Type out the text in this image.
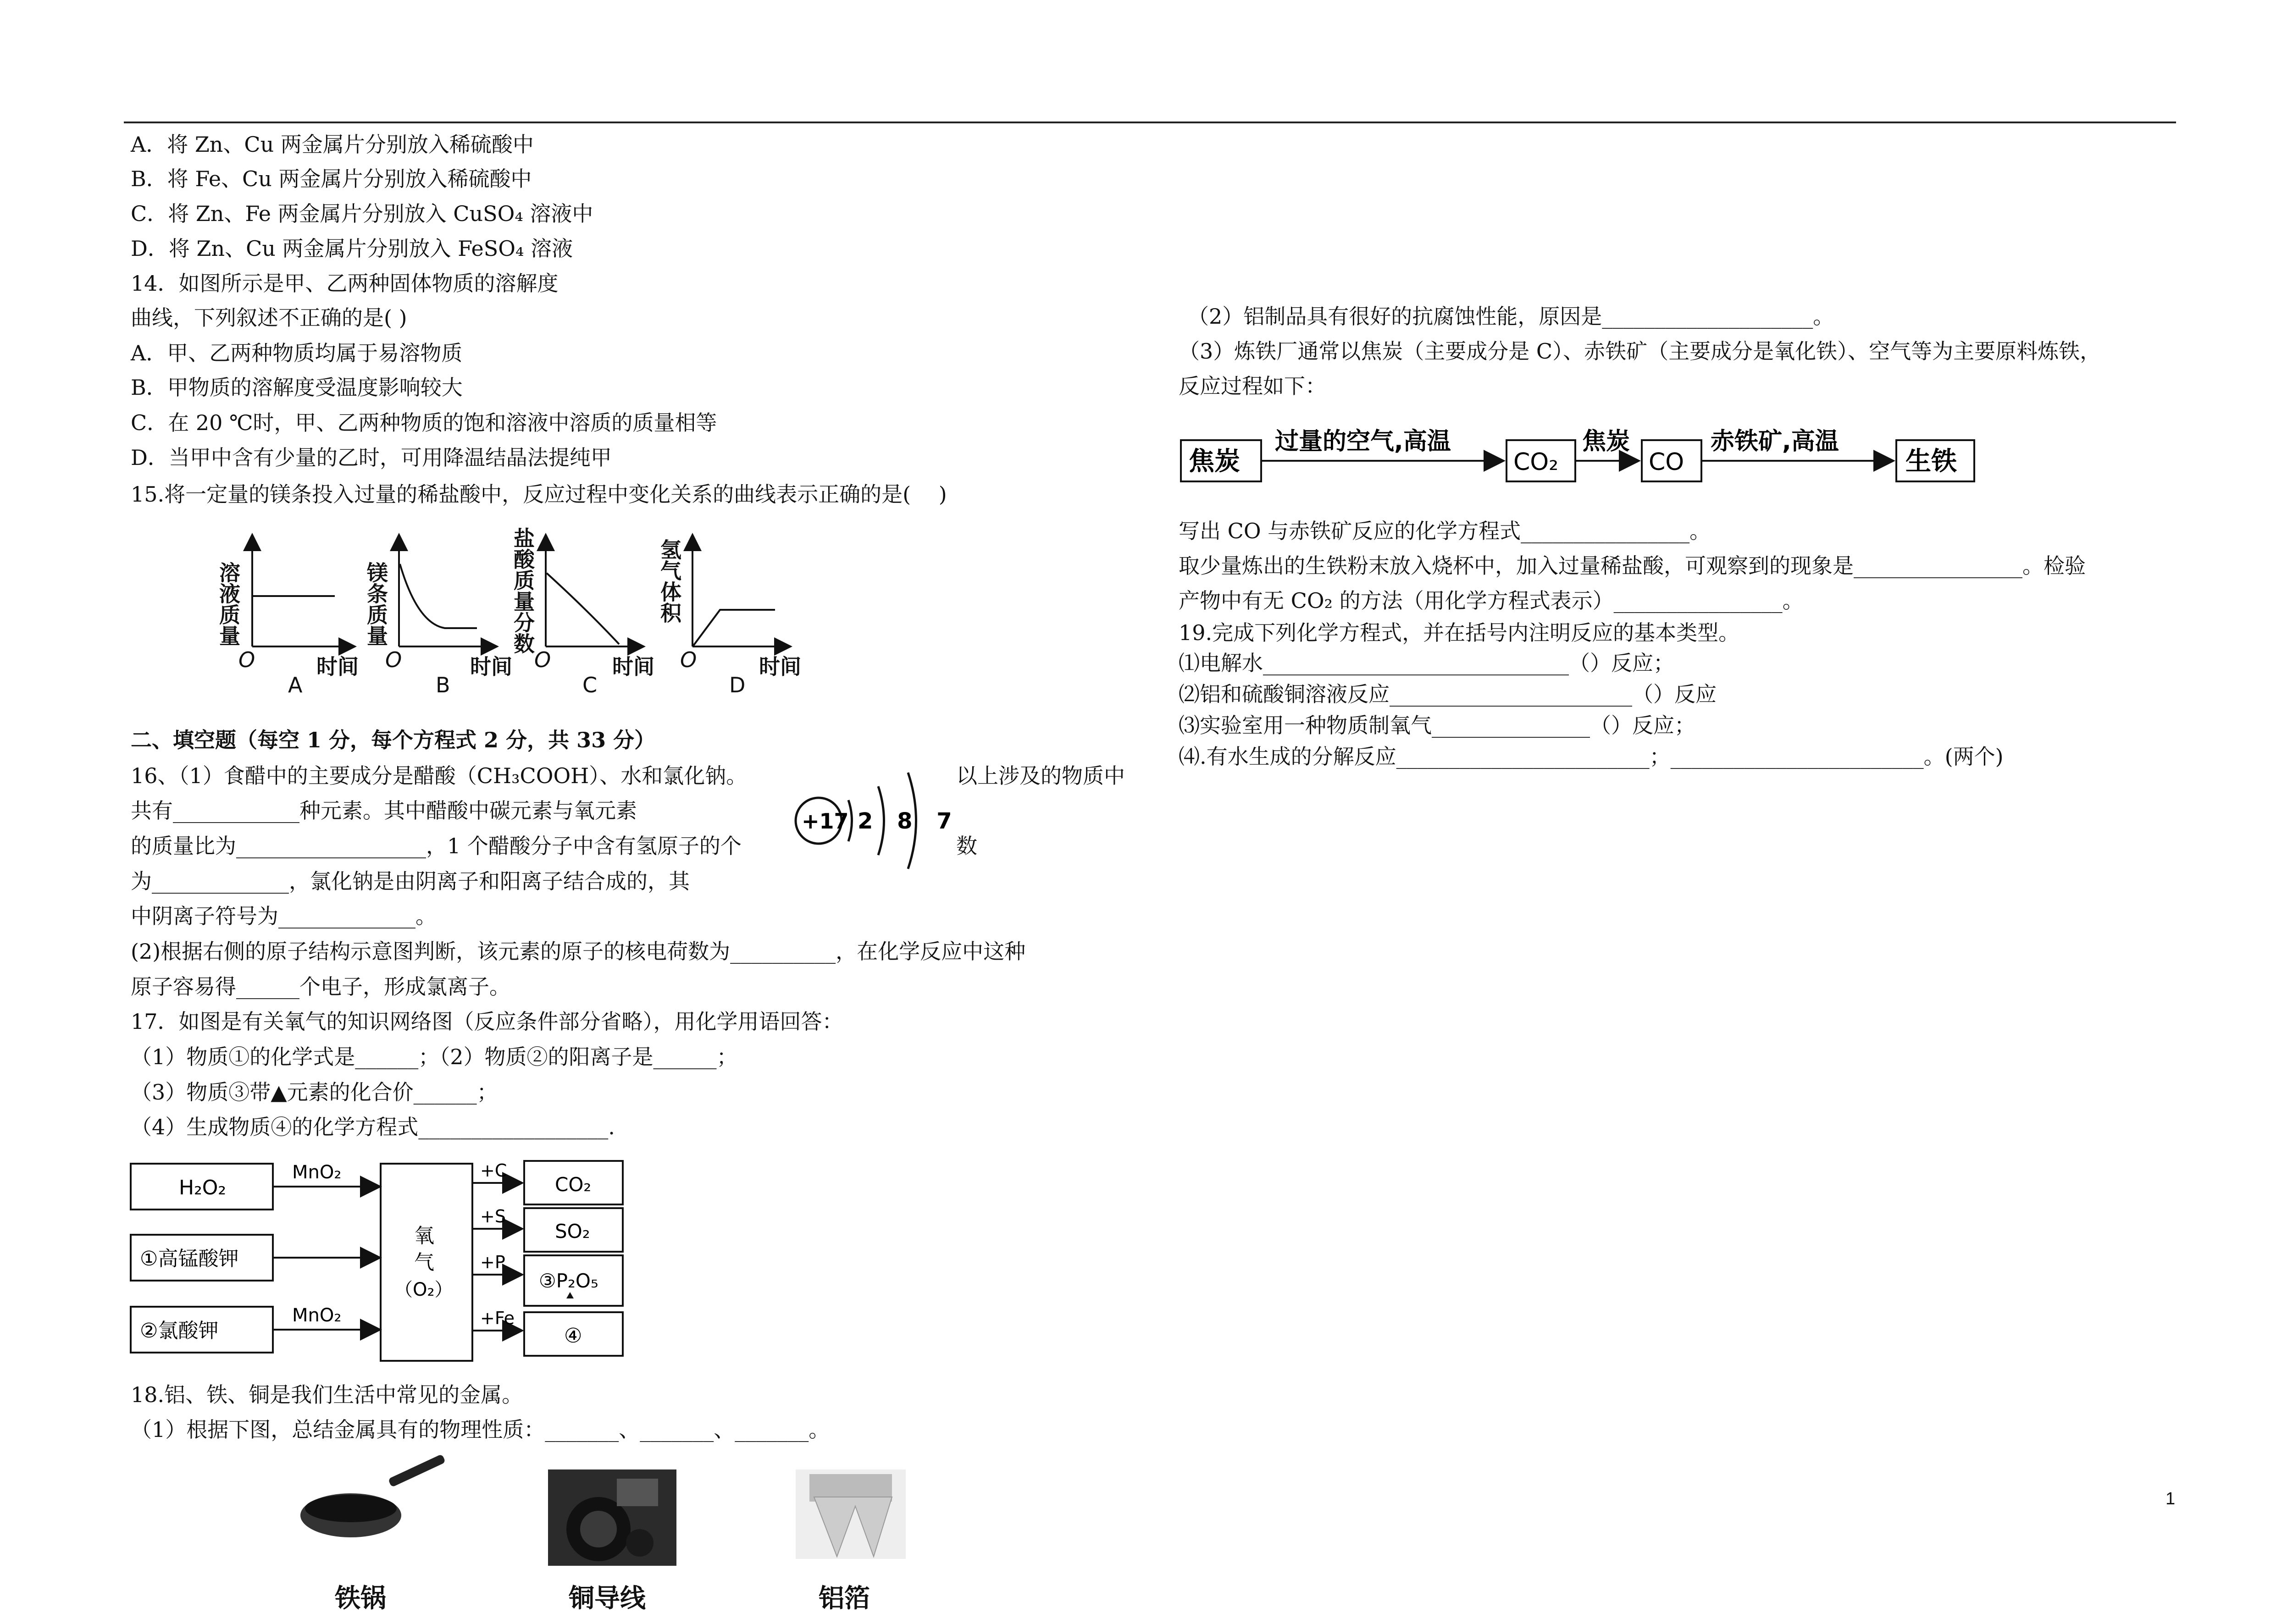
A．将 Zn、Cu 两金属片分别放入稀硫酸中
B．将 Fe、Cu 两金属片分别放入稀硫酸中
C．将 Zn、Fe 两金属片分别放入 CuSO₄ 溶液中
D．将 Zn、Cu 两金属片分别放入 FeSO₄ 溶液
14．如图所示是甲、乙两种固体物质的溶解度
曲线，下列叙述不正确的是( )
A．甲、乙两种物质均属于易溶物质
B．甲物质的溶解度受温度影响较大
C．在 20 ℃时，甲、乙两种物质的饱和溶液中溶质的质量相等
D．当甲中含有少量的乙时，可用降温结晶法提纯甲
15.将一定量的镁条投入过量的稀盐酸中，反应过程中变化关系的曲线表示正确的是(　 )
溶液质量
O	时间
A
镁条质量
O	时间
B
盐酸质量分数
O	时间
C
氢气体积
O	时间
D
二、填空题（每空 1 分，每个方程式 2 分，共 33 分）
16、（1）食醋中的主要成分是醋酸（CH₃COOH）、水和氯化钠。	以上涉及的物质中
共有____________种元素。其中醋酸中碳元素与氧元素
的质量比为__________________，1 个醋酸分子中含有氢原子的个	数
为_____________，氯化钠是由阴离子和阳离子结合成的，其
中阴离子符号为_____________。
(2)根据右侧的原子结构示意图判断，该元素的原子的核电荷数为__________，在化学反应中这种
原子容易得______个电子，形成氯离子。
+17 2 8 7
17．如图是有关氧气的知识网络图（反应条件部分省略），用化学用语回答：
（1）物质①的化学式是______；（2）物质②的阳离子是______；
（3）物质③带▲元素的化合价______；
（4）生成物质④的化学方程式__________________.
H₂O₂
①高锰酸钾
②氯酸钾
MnO₂
MnO₂
氧
气
（O₂）
+C
+S
+P
+Fe
CO₂
SO₂
③P₂O₅
④
18.铝、铁、铜是我们生活中常见的金属。
（1）根据下图，总结金属具有的物理性质：_______、_______、_______。
铁锅	铜导线	铝箔
（2）铝制品具有很好的抗腐蚀性能，原因是____________________。
（3）炼铁厂通常以焦炭（主要成分是 C）、赤铁矿（主要成分是氧化铁）、空气等为主要原料炼铁，
反应过程如下：
焦炭
过量的空气,高温
CO₂
焦炭
CO
赤铁矿,高温
生铁
写出 CO 与赤铁矿反应的化学方程式________________。
取少量炼出的生铁粉末放入烧杯中，加入过量稀盐酸，可观察到的现象是________________。检验
产物中有无 CO₂ 的方法（用化学方程式表示）________________。
19.完成下列化学方程式，并在括号内注明反应的基本类型。
⑴电解水_____________________________（）反应；
⑵铝和硫酸铜溶液反应_______________________（）反应
⑶实验室用一种物质制氧气_______________（）反应；
⑷.有水生成的分解反应________________________；________________________。(两个)
1
